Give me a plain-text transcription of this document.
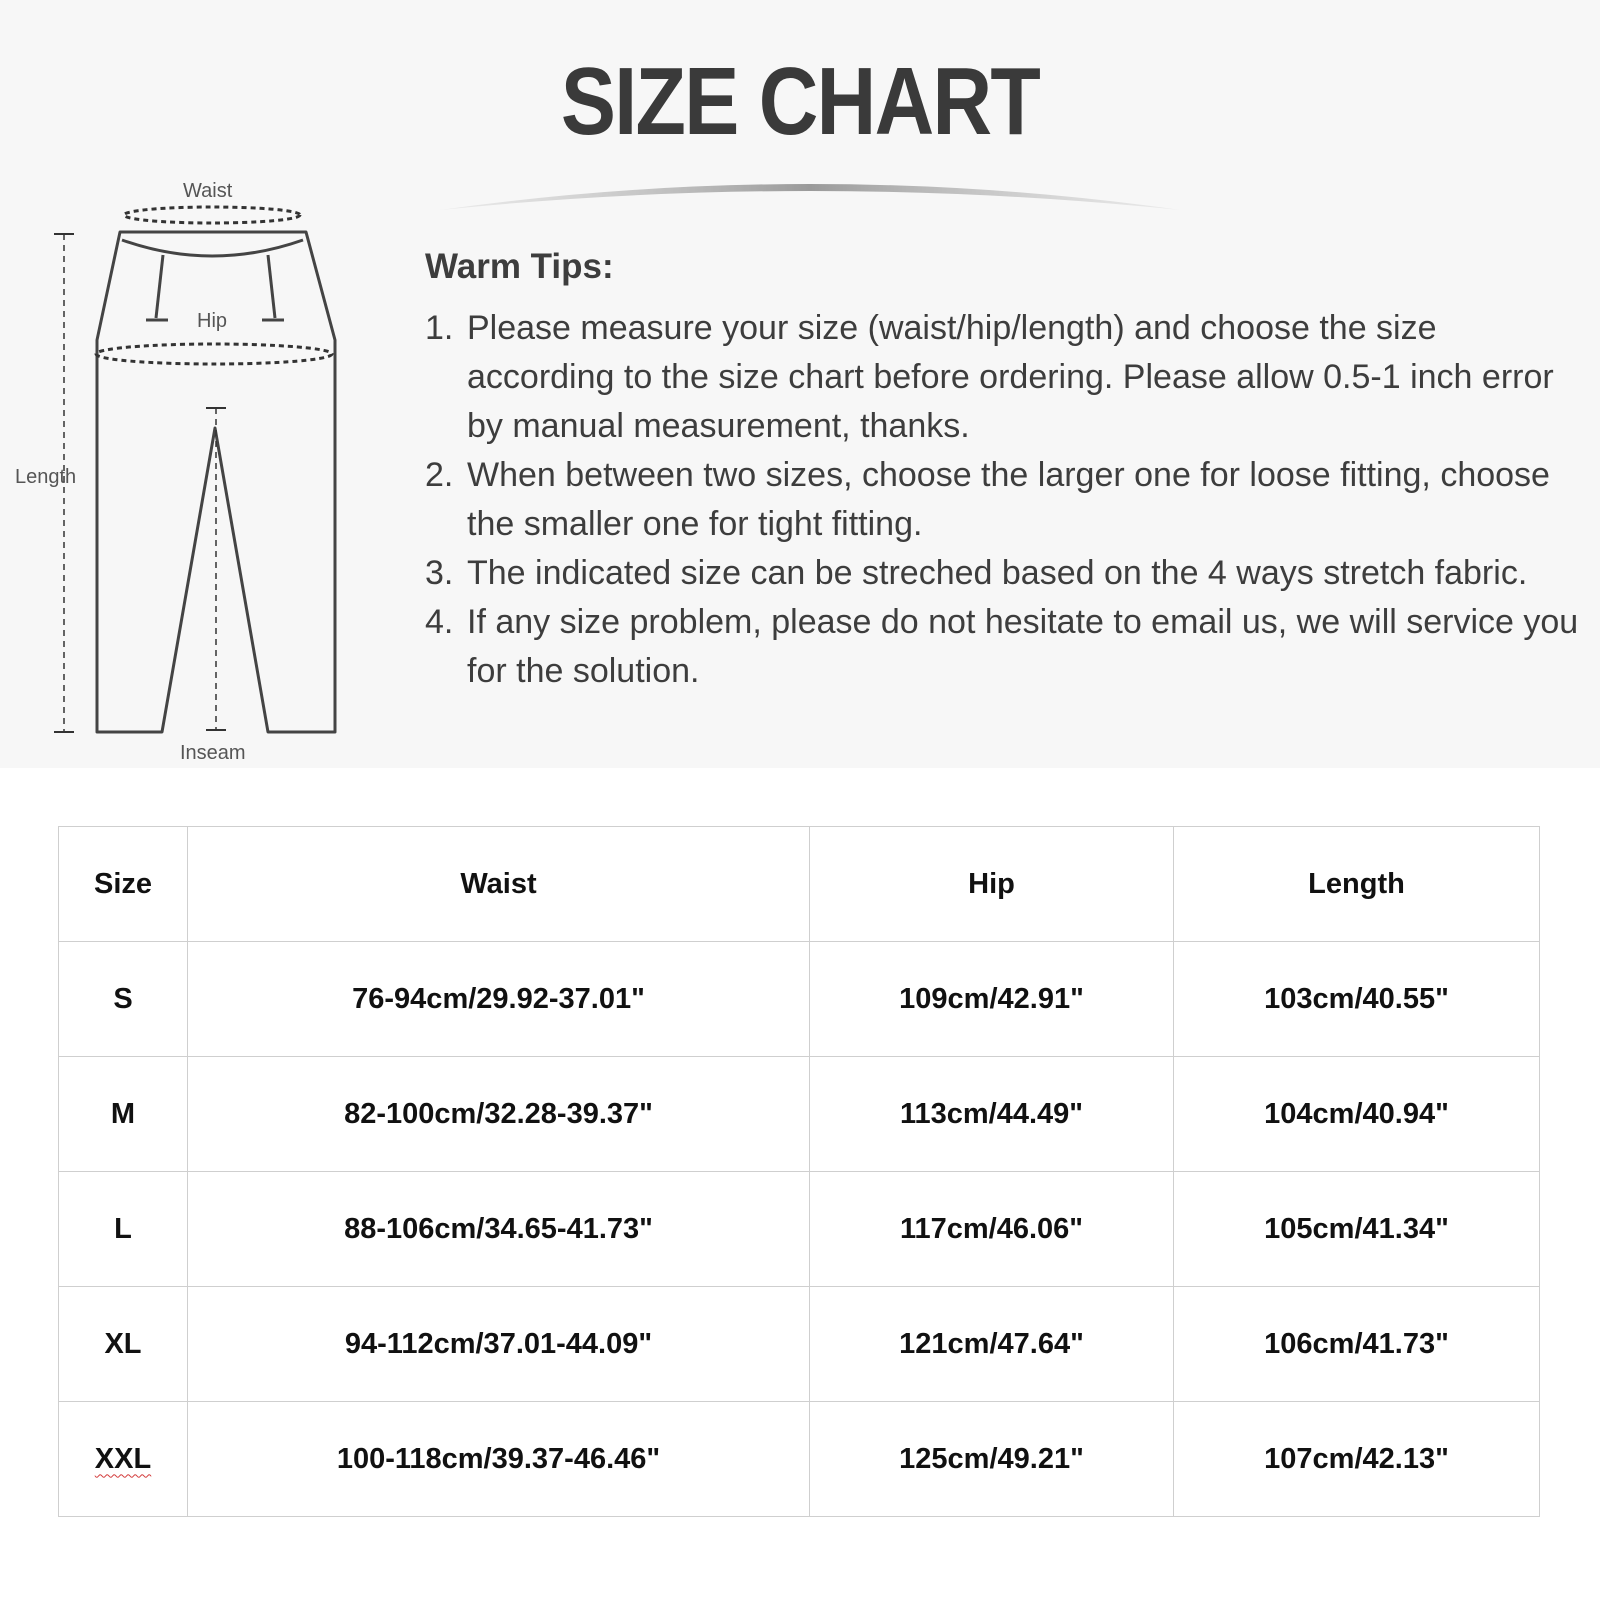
SIZE CHART
Waist
Hip
Length
Inseam
Warm Tips:
1. Please measure your size (waist/hip/length) and choose the size according to the size chart before ordering. Please allow 0.5-1 inch error by manual measurement, thanks.
2. When between two sizes, choose the larger one for loose fitting, choose the smaller one for tight fitting.
3. The indicated size can be streched based on the 4 ways stretch fabric.
4. If any size problem, please do not hesitate to email us, we will service you for the solution.
Size	Waist	Hip	Length
S	76-94cm/29.92-37.01"	109cm/42.91"	103cm/40.55"
M	82-100cm/32.28-39.37"	113cm/44.49"	104cm/40.94"
L	88-106cm/34.65-41.73"	117cm/46.06"	105cm/41.34"
XL	94-112cm/37.01-44.09"	121cm/47.64"	106cm/41.73"
XXL	100-118cm/39.37-46.46"	125cm/49.21"	107cm/42.13"
